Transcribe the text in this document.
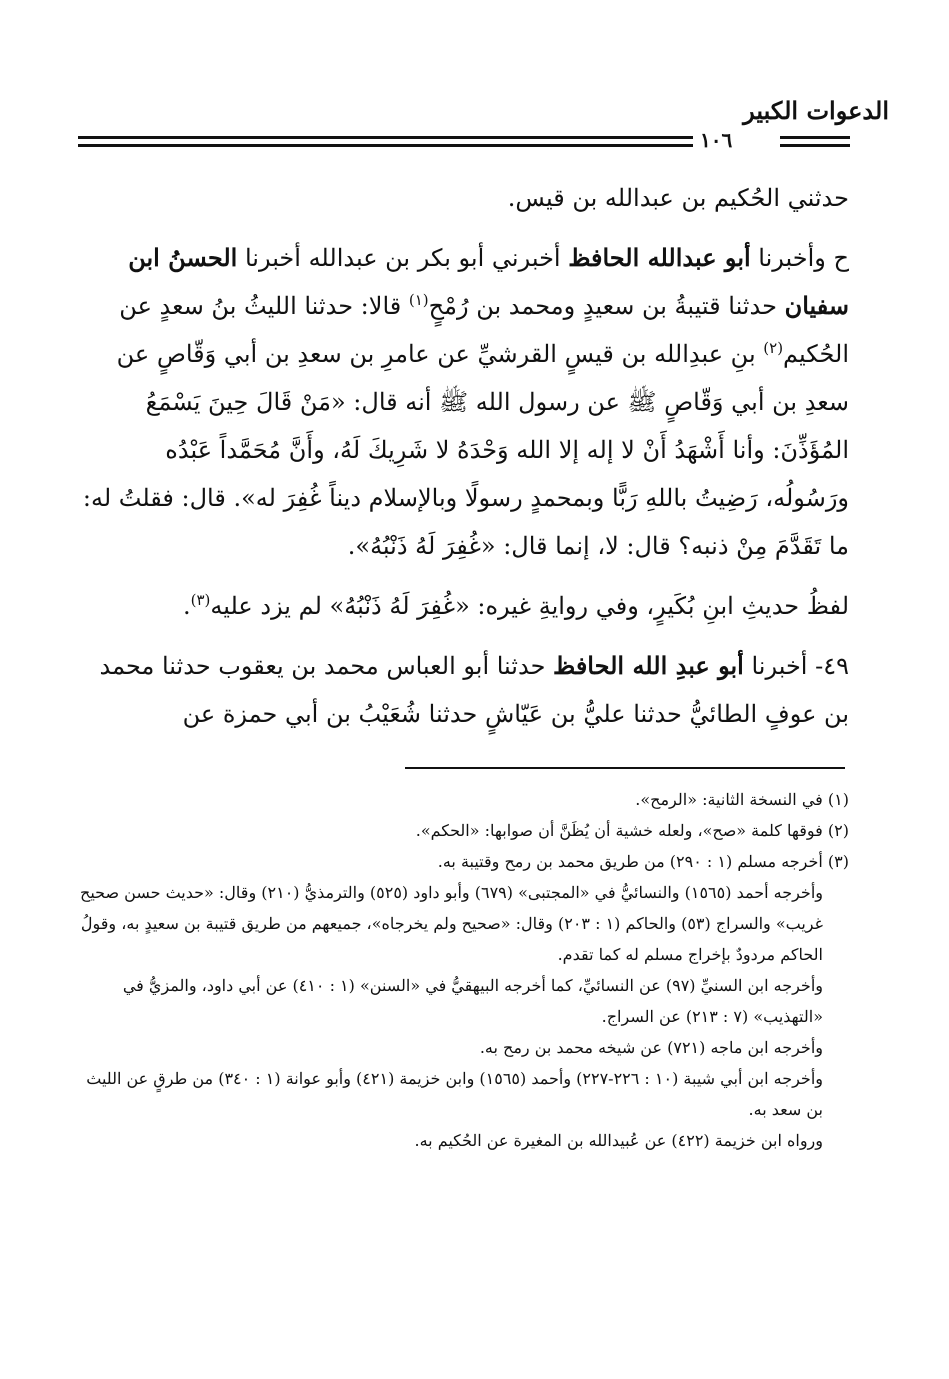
الدعوات الكبير
١٠٦

حدثني الحُكيم بن عبدالله بن قيس.

ح وأخبرنا أبو عبدالله الحافظ أخبرني أبو بكر بن عبدالله أخبرنا الحسنُ ابن سفيان حدثنا قتيبةُ بن سعيدٍ ومحمد بن رُمْحٍ$^{(١)}$ قالا: حدثنا الليثُ بنُ سعدٍ عن الحُكيم$^{(٢)}$ بنِ عبدِالله بن قيسٍ القرشيِّ عن عامرِ بن سعدِ بن أبي وَقّاصٍ عن سعدِ بن أبي وَقّاصٍ ﷺ عن رسول الله ﷺ أنه قال: «مَنْ قَالَ حِينَ يَسْمَعُ المُؤَذِّنَ: وأنا أَشْهَدُ أَنْ لا إله إلا الله وَحْدَهُ لا شَرِيكَ لَهُ، وأَنَّ مُحَمَّداً عَبْدُه ورَسُولُه، رَضِيتُ باللهِ رَبًّا وبمحمدٍ رسولًا وبالإسلام ديناً غُفِرَ له». قال: فقلتُ له: ما تَقَدَّمَ مِنْ ذنبه؟ قال: لا، إنما قال: «غُفِرَ لَهُ ذَنْبُهُ».

لفظُ حديثِ ابنِ بُكَيرٍ، وفي روايةِ غيره: «غُفِرَ لَهُ ذَنْبُهُ» لم يزد عليه$^{(٣)}$.

٤٩- أخبرنا أبو عبدِ الله الحافظ حدثنا أبو العباس محمد بن يعقوب حدثنا محمد بن عوفٍ الطائيُّ حدثنا عليُّ بن عَيّاشٍ حدثنا شُعَيْبُ بن أبي حمزة عن

(١) في النسخة الثانية: «الرمح».

(٢) فوقها كلمة «صح»، ولعله خشية أن يُظَنَّ أن صوابها: «الحكم».

(٣) أخرجه مسلم (١ : ٢٩٠) من طريق محمد بن رمح وقتيبة به.

وأخرجه أحمد (١٥٦٥) والنسائيُّ في «المجتبى» (٦٧٩) وأبو داود (٥٢٥) والترمذيُّ (٢١٠) وقال: «حديث حسن صحيح غريب» والسراج (٥٣) والحاكم (١ : ٢٠٣) وقال: «صحيح ولم يخرجاه»، جميعهم من طريق قتيبة بن سعيدٍ به، وقولُ الحاكم مردودٌ بإخراج مسلم له كما تقدم.

وأخرجه ابن السنيِّ (٩٧) عن النسائيِّ، كما أخرجه البيهقيُّ في «السنن» (١ : ٤١٠) عن أبي داود، والمزيُّ في «التهذيب» (٧ : ٢١٣) عن السراج.

وأخرجه ابن ماجه (٧٢١) عن شيخه محمد بن رمح به.

وأخرجه ابن أبي شيبة (١٠ : ٢٢٦-٢٢٧) وأحمد (١٥٦٥) وابن خزيمة (٤٢١) وأبو عوانة (١ : ٣٤٠) من طرقٍ عن الليث بن سعد به.

ورواه ابن خزيمة (٤٢٢) عن عُبيدالله بن المغيرة عن الحُكيم به.
